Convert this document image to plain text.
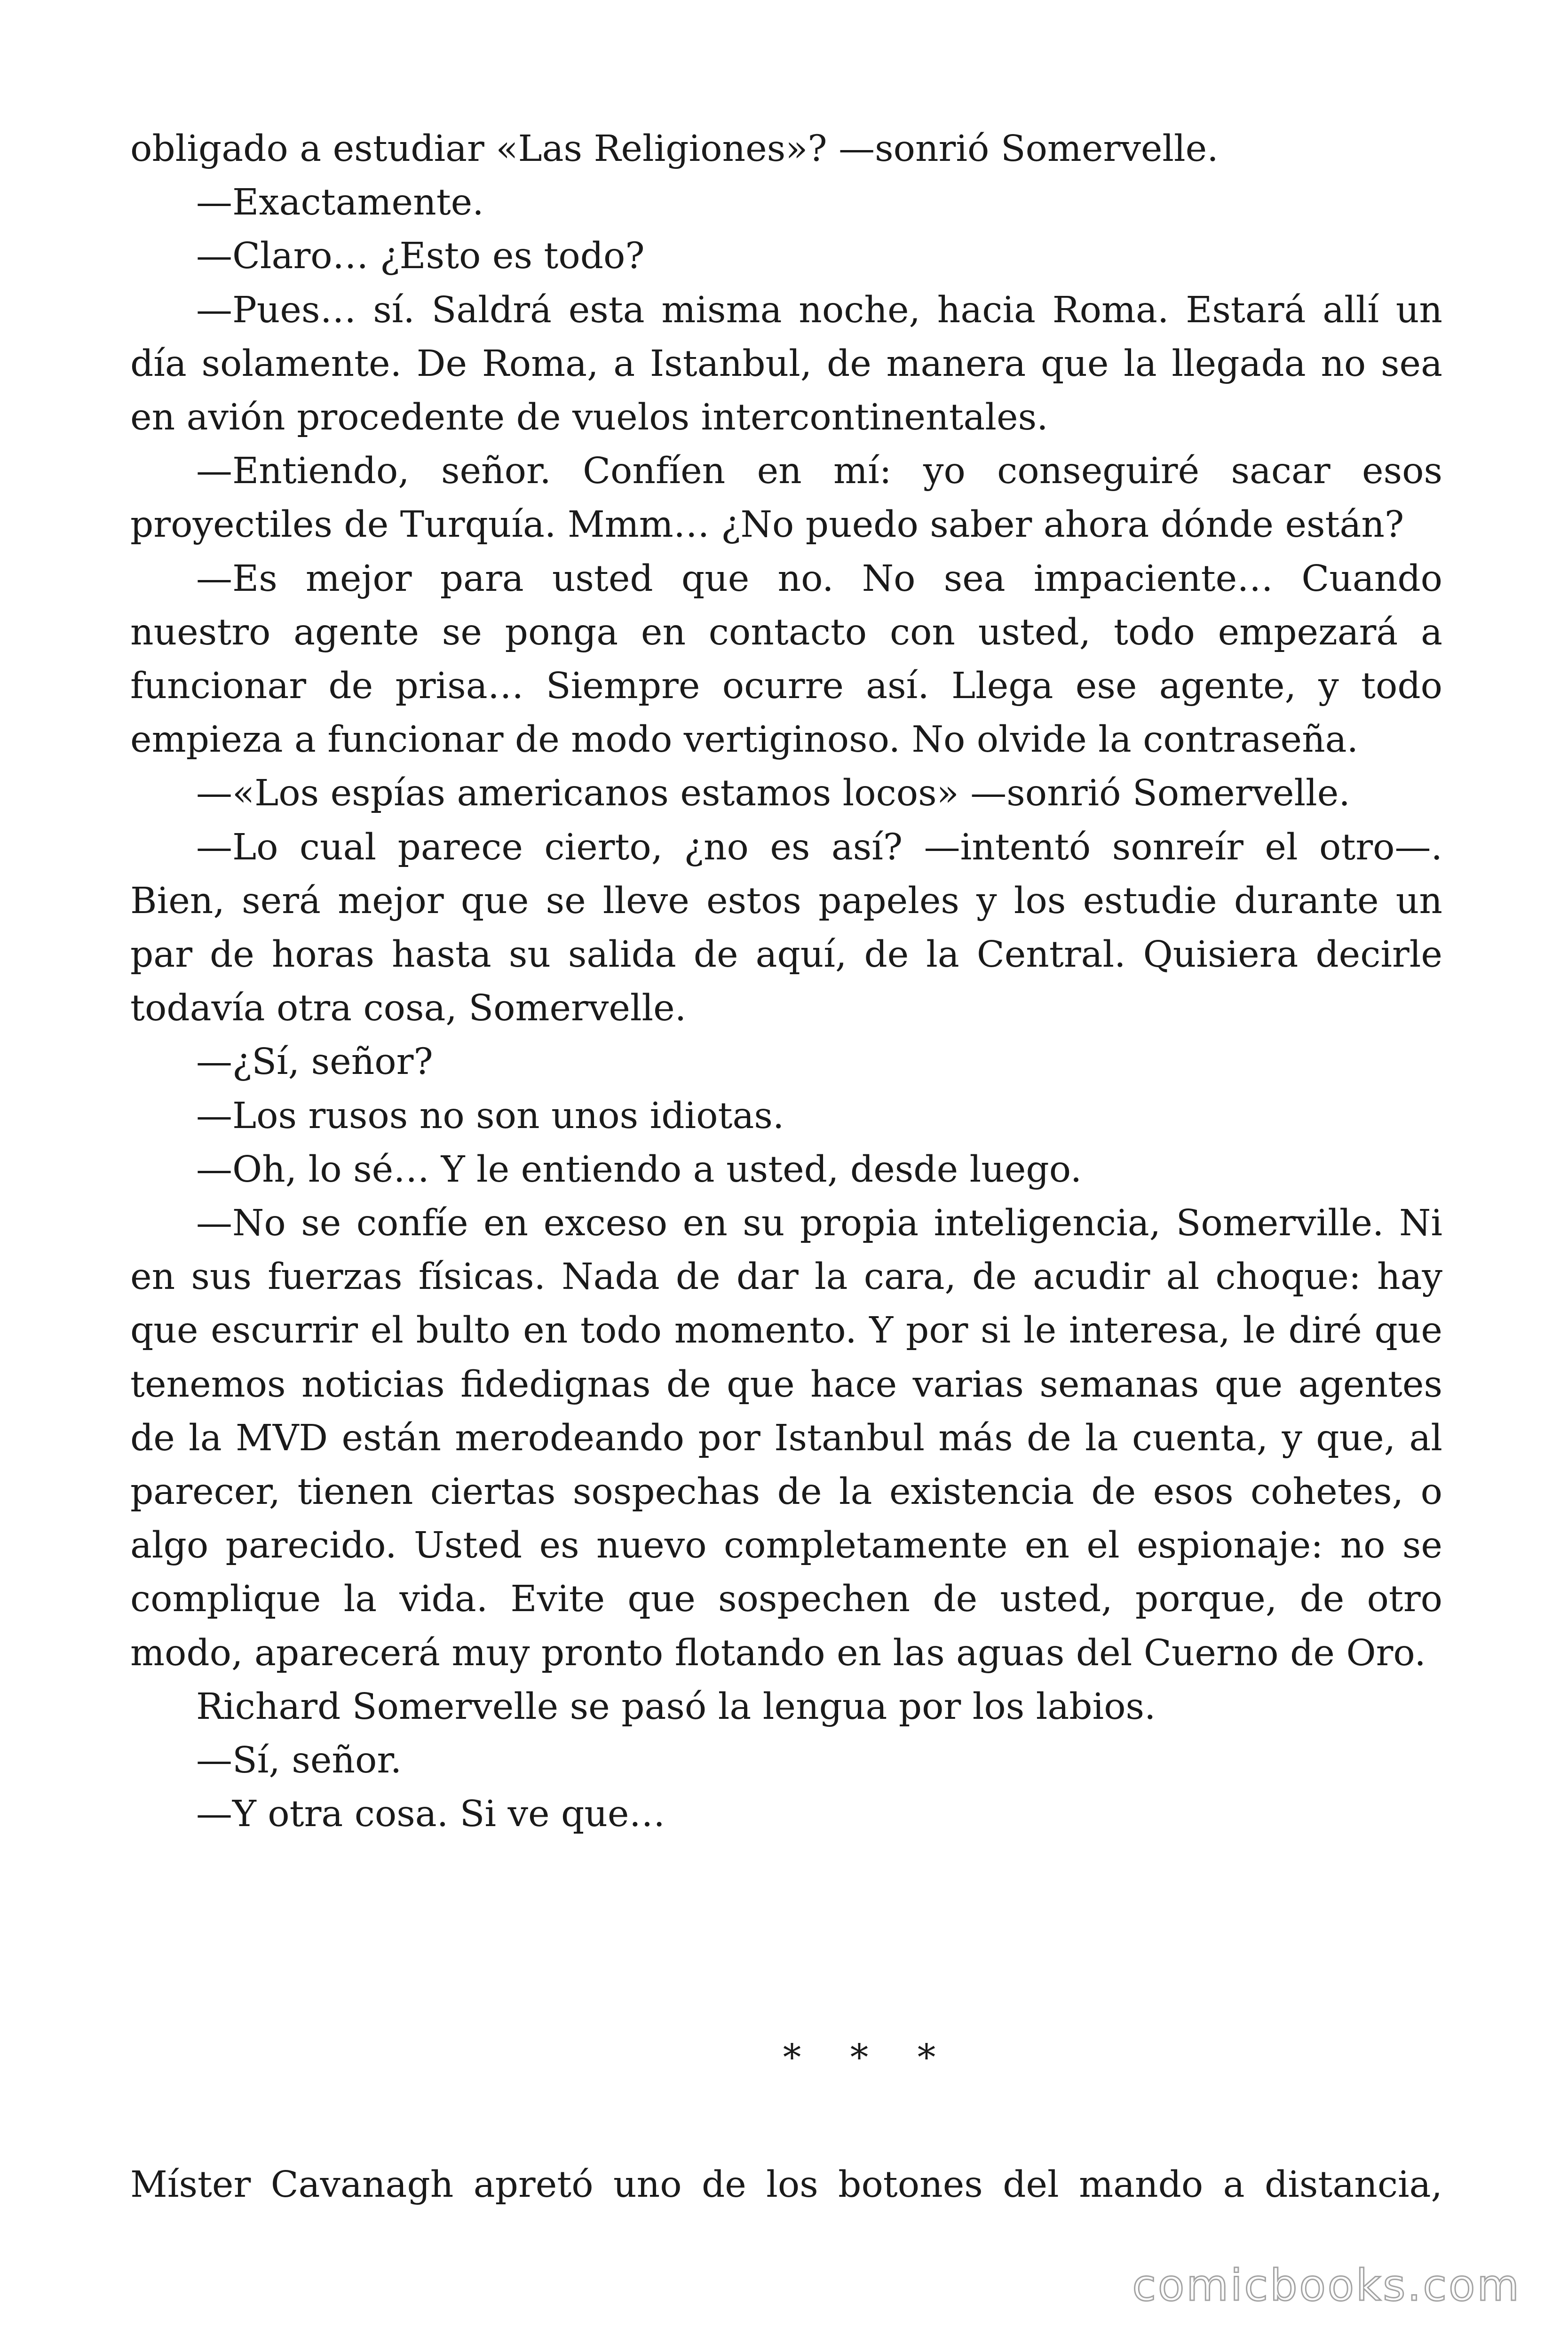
obligado a estudiar «Las Religiones»? —sonrió Somervelle.

—Exactamente.

—Claro… ¿Esto es todo?

—Pues… sí. Saldrá esta misma noche, hacia Roma. Estará allí un día solamente. De Roma, a Istanbul, de manera que la llegada no sea en avión procedente de vuelos intercontinentales.

—Entiendo, señor. Confíen en mí: yo conseguiré sacar esos proyectiles de Turquía. Mmm… ¿No puedo saber ahora dónde están?

—Es mejor para usted que no. No sea impaciente… Cuando nuestro agente se ponga en contacto con usted, todo empezará a funcionar de prisa… Siempre ocurre así. Llega ese agente, y todo empieza a funcionar de modo vertiginoso. No olvide la contraseña.

—«Los espías americanos estamos locos» —sonrió Somervelle.

—Lo cual parece cierto, ¿no es así? —intentó sonreír el otro—. Bien, será mejor que se lleve estos papeles y los estudie durante un par de horas hasta su salida de aquí, de la Central. Quisiera decirle todavía otra cosa, Somervelle.

—¿Sí, señor?

—Los rusos no son unos idiotas.

—Oh, lo sé… Y le entiendo a usted, desde luego.

—No se confíe en exceso en su propia inteligencia, Somerville. Ni en sus fuerzas físicas. Nada de dar la cara, de acudir al choque: hay que escurrir el bulto en todo momento. Y por si le interesa, le diré que tenemos noticias fidedignas de que hace varias semanas que agentes de la MVD están merodeando por Istanbul más de la cuenta, y que, al parecer, tienen ciertas sospechas de la existencia de esos cohetes, o algo parecido. Usted es nuevo completamente en el espionaje: no se complique la vida. Evite que sospechen de usted, porque, de otro modo, aparecerá muy pronto flotando en las aguas del Cuerno de Oro.

Richard Somervelle se pasó la lengua por los labios.

—Sí, señor.

—Y otra cosa. Si ve que…

* * *
Míster Cavanagh apretó uno de los botones del mando a distancia,
comicbooks.com
